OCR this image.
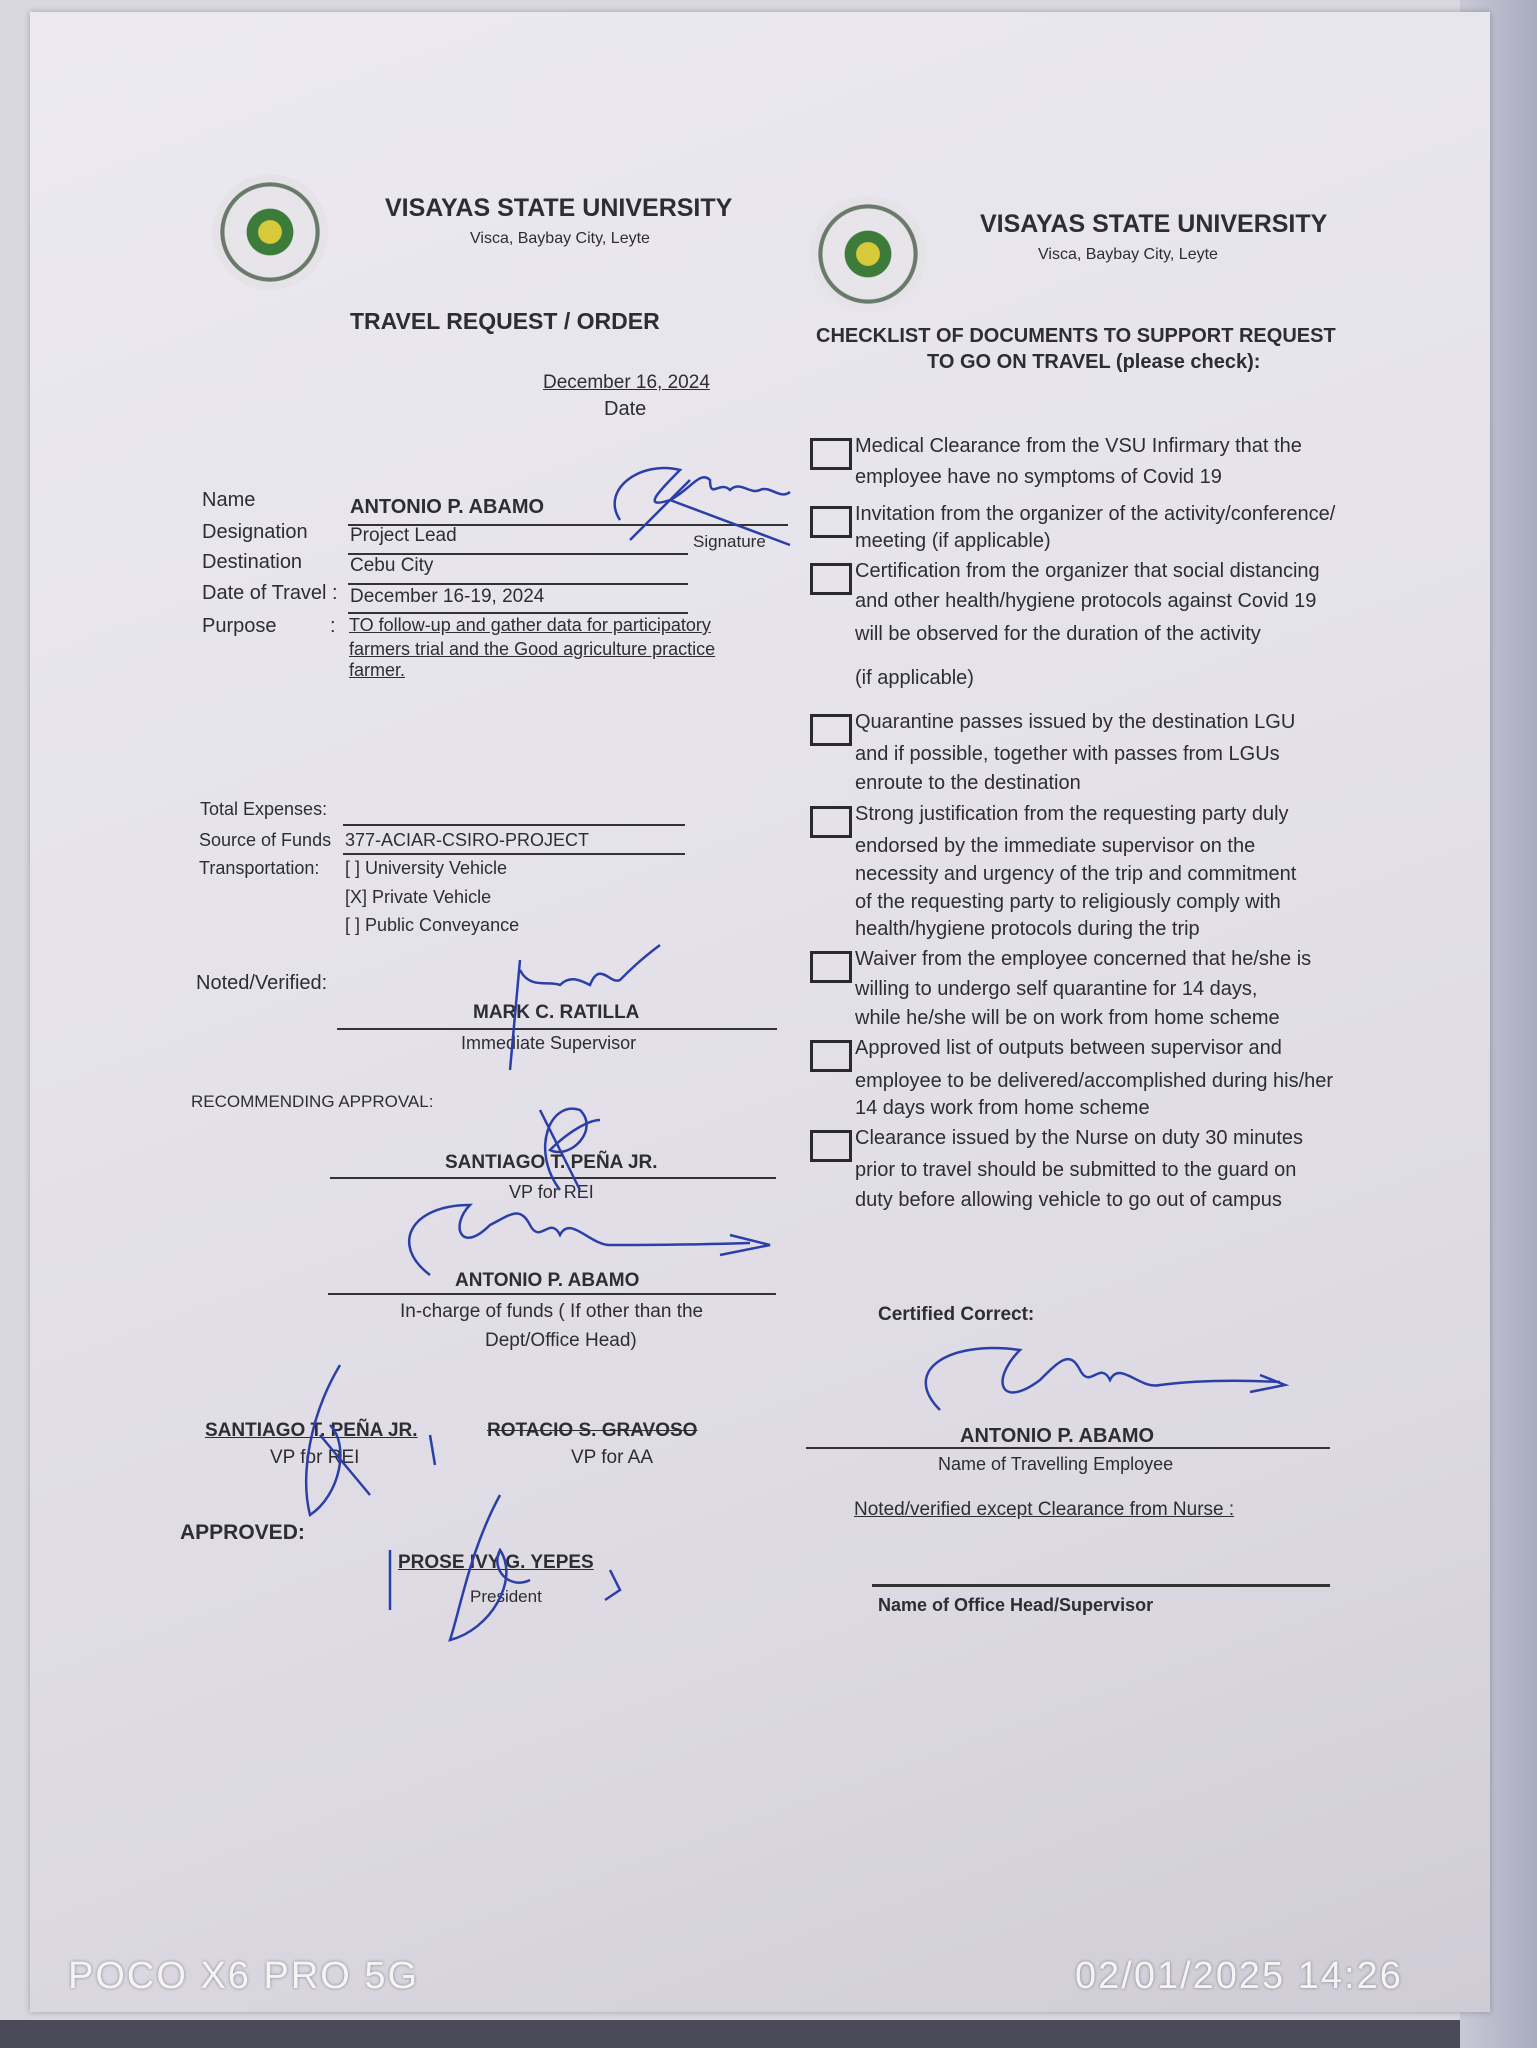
VISAYAS STATE UNIVERSITY
Visca, Baybay City, Leyte
TRAVEL REQUEST / ORDER
VISAYAS STATE UNIVERSITY
Visca, Baybay City, Leyte
CHECKLIST OF DOCUMENTS TO SUPPORT REQUEST
TO GO ON TRAVEL (please check):
December 16, 2024
Date
Name	ANTONIO P. ABAMO
Signature
Designation Project Lead
Destination	Cebu City
Date of Travel : December 16-19, 2024
Purpose	: TO follow-up and gather data for participatory
farmers trial and the Good agriculture practice
farmer.
Total Expenses:
Source of Funds 377-ACIAR-CSIRO-PROJECT
Transportation: [ ] University Vehicle
[X] Private Vehicle
[ ] Public Conveyance
Noted/Verified:
MARK C. RATILLA
Immediate Supervisor
RECOMMENDING APPROVAL:
SANTIAGO T. PEÑA JR.
VP for REI
ANTONIO P. ABAMO
In-charge of funds ( If other than the
Dept/Office Head)
SANTIAGO T. PEÑA JR.
VP for REI
ROTACIO S. GRAVOSO
VP for AA
APPROVED:
PROSE IVY G. YEPES
President
Medical Clearance from the VSU Infirmary that the
employee have no symptoms of Covid 19
Invitation from the organizer of the activity/conference/
meeting (if applicable)
Certification from the organizer that social distancing
and other health/hygiene protocols against Covid 19
will be observed for the duration of the activity
(if applicable)
Quarantine passes issued by the destination LGU
and if possible, together with passes from LGUs
enroute to the destination
Strong justification from the requesting party duly
endorsed by the immediate supervisor on the
necessity and urgency of the trip and commitment
of the requesting party to religiously comply with
health/hygiene protocols during the trip
Waiver from the employee concerned that he/she is
willing to undergo self quarantine for 14 days,
while he/she will be on work from home scheme
Approved list of outputs between supervisor and
employee to be delivered/accomplished during his/her
14 days work from home scheme
Clearance issued by the Nurse on duty 30 minutes
prior to travel should be submitted to the guard on
duty before allowing vehicle to go out of campus
Certified Correct:
ANTONIO P. ABAMO
Name of Travelling Employee
Noted/verified except Clearance from Nurse :
Name of Office Head/Supervisor
POCO X6 PRO 5G	02/01/2025 14:26
